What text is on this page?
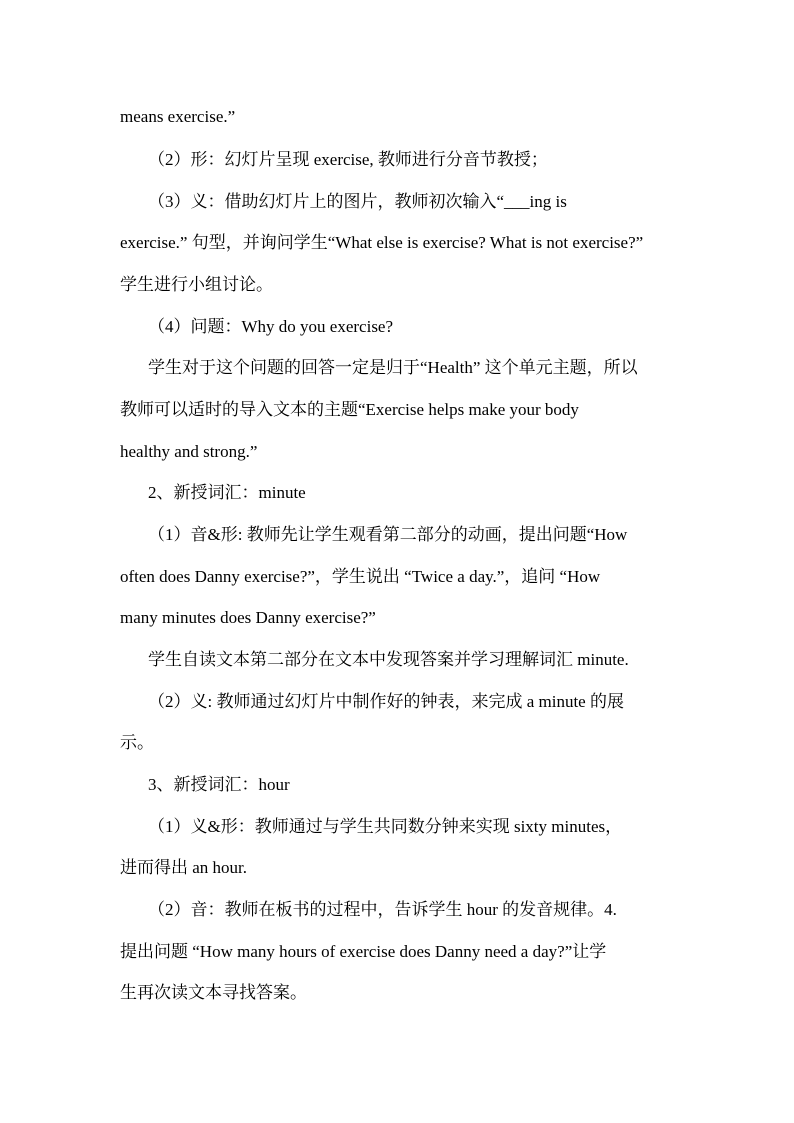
means exercise.”
（2）形：幻灯片呈现 exercise, 教师进行分音节教授；
（3）义：借助幻灯片上的图片，教师初次输入“___ing is
exercise.” 句型，并询问学生“What else is exercise? What is not exercise?”
学生进行小组讨论。
（4）问题：Why do you exercise?
学生对于这个问题的回答一定是归于“Health” 这个单元主题，所以
教师可以适时的导入文本的主题“Exercise helps make your body
healthy and strong.”
2、新授词汇：minute
（1）音&形: 教师先让学生观看第二部分的动画，提出问题“How
often does Danny exercise?”，学生说出 “Twice a day.”，追问 “How
many minutes does Danny exercise?”
学生自读文本第二部分在文本中发现答案并学习理解词汇 minute.
（2）义: 教师通过幻灯片中制作好的钟表，来完成 a minute 的展
示。
3、新授词汇：hour
（1）义&形：教师通过与学生共同数分钟来实现 sixty minutes，
进而得出 an hour.
（2）音：教师在板书的过程中，告诉学生 hour 的发音规律。4.
提出问题 “How many hours of exercise does Danny need a day?”让学
生再次读文本寻找答案。
